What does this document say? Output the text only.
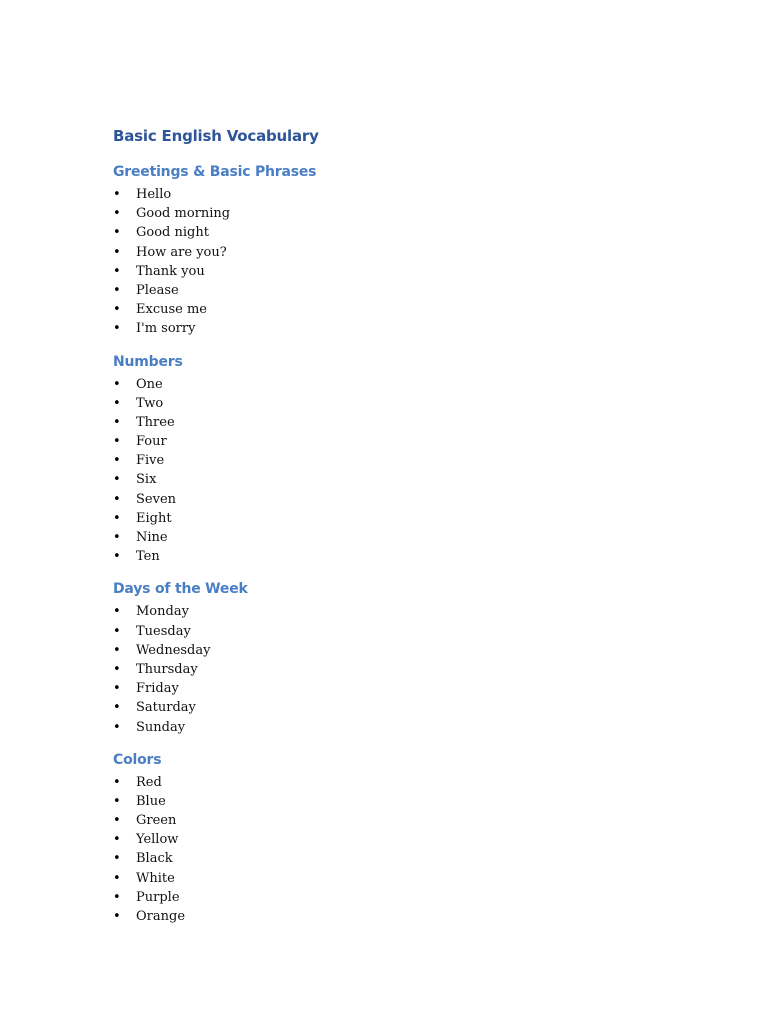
Basic English Vocabulary
Greetings & Basic Phrases
• Hello
• Good morning
• Good night
• How are you?
• Thank you
• Please
• Excuse me
• I'm sorry
Numbers
• One
• Two
• Three
• Four
• Five
• Six
• Seven
• Eight
• Nine
• Ten
Days of the Week
• Monday
• Tuesday
• Wednesday
• Thursday
• Friday
• Saturday
• Sunday
Colors
• Red
• Blue
• Green
• Yellow
• Black
• White
• Purple
• Orange
